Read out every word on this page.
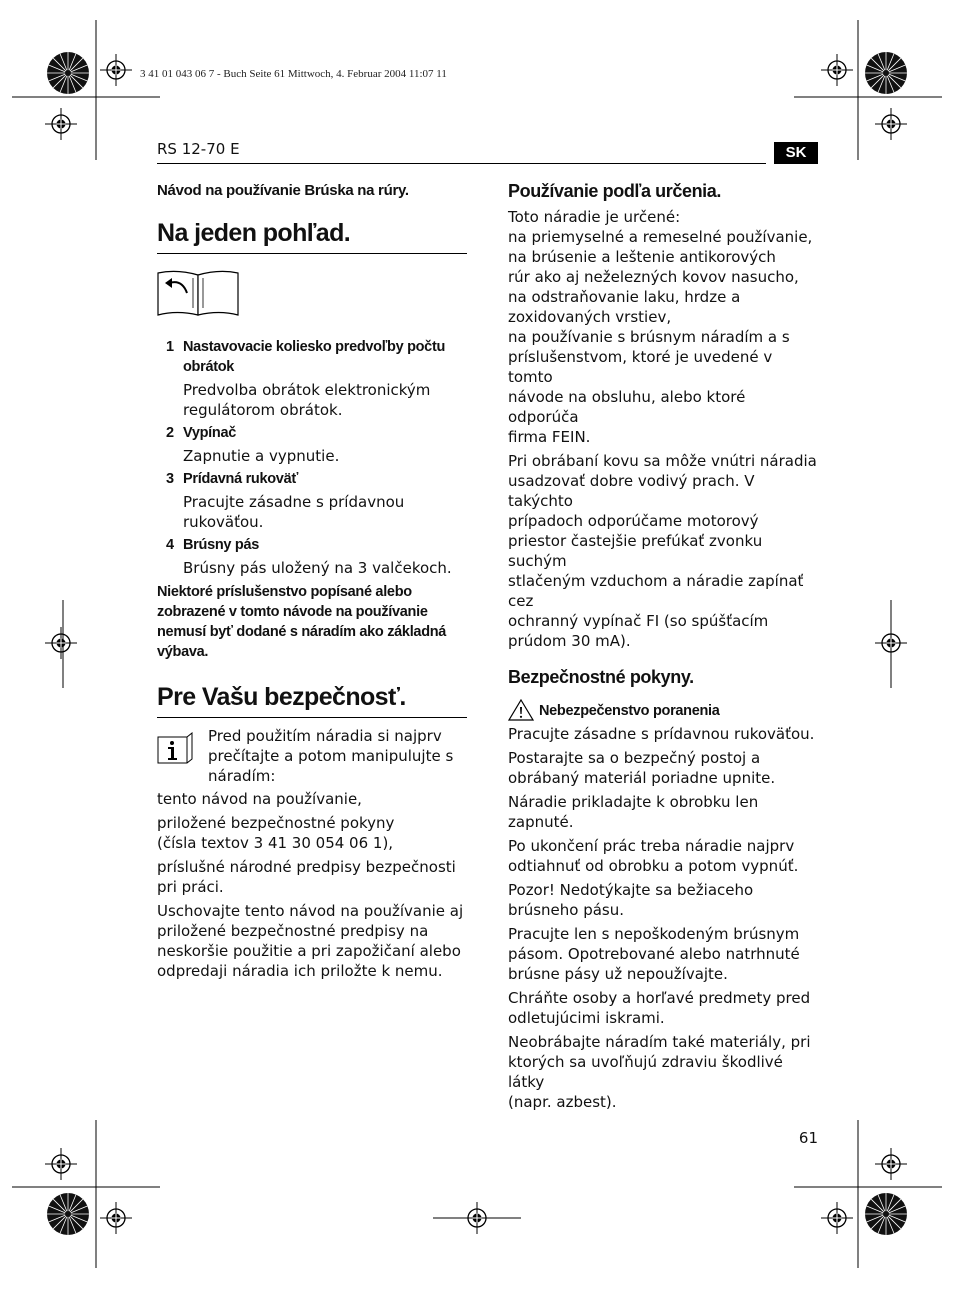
3 41 01 043 06 7 - Buch Seite 61 Mittwoch, 4. Februar 2004 11:07 11
RS 12-70 E	SK
Návod na používanie Brúska na rúry.
Na jeden pohľad.
1 Nastavovacie koliesko predvoľby počtu obrátok

Predvolba obrátok elektronickým
regulátorom obrátok.

2 Vypínač

Zapnutie a vypnutie.

3 Prídavná rukoväť

Pracujte zásadne s prídavnou
rukoväťou.

4 Brúsny pás

Brúsny pás uložený na 3 valčekoch.

Niektoré príslušenstvo popísané alebo
zobrazené v tomto návode na používanie
nemusí byť dodané s náradím ako základná
výbava.

Pre Vašu bezpečnosť.

Pred použitím náradia si najprv
prečítajte a potom manipulujte s
náradím:

tento návod na používanie,

priložené bezpečnostné pokyny
(čísla textov 3 41 30 054 06 1),

príslušné národné predpisy bezpečnosti
pri práci.

Uschovajte tento návod na používanie aj
priložené bezpečnostné predpisy na
neskoršie použitie a pri zapožičaní alebo
odpredaji náradia ich priložte k nemu.

Používanie podľa určenia.

Toto náradie je určené:
na priemyselné a remeselné používanie,
na brúsenie a leštenie antikorových
rúr ako aj neželezných kovov nasucho,
na odstraňovanie laku, hrdze a
zoxidovaných vrstiev,
na používanie s brúsnym náradím a s
príslušenstvom, ktoré je uvedené v tomto
návode na obsluhu, alebo ktoré odporúča
firma FEIN.

Pri obrábaní kovu sa môže vnútri náradia
usadzovať dobre vodivý prach. V takýchto
prípadoch odporúčame motorový
priestor častejšie prefúkať zvonku suchým
stlačeným vzduchom a náradie zapínať cez
ochranný vypínač FI (so spúšťacím
prúdom 30 mA).

Bezpečnostné pokyny.
Nebezpečenstvo poranenia

Pracujte zásadne s prídavnou rukoväťou.

Postarajte sa o bezpečný postoj a
obrábaný materiál poriadne upnite.

Náradie prikladajte k obrobku len
zapnuté.

Po ukončení prác treba náradie najprv
odtiahnuť od obrobku a potom vypnúť.

Pozor! Nedotýkajte sa bežiaceho
brúsneho pásu.

Pracujte len s nepoškodeným brúsnym
pásom. Opotrebované alebo natrhnuté
brúsne pásy už nepoužívajte.

Chráňte osoby a horľavé predmety pred
odletujúcimi iskrami.

Neobrábajte náradím také materiály, pri
ktorých sa uvoľňujú zdraviu škodlivé látky
(napr. azbest).

61
